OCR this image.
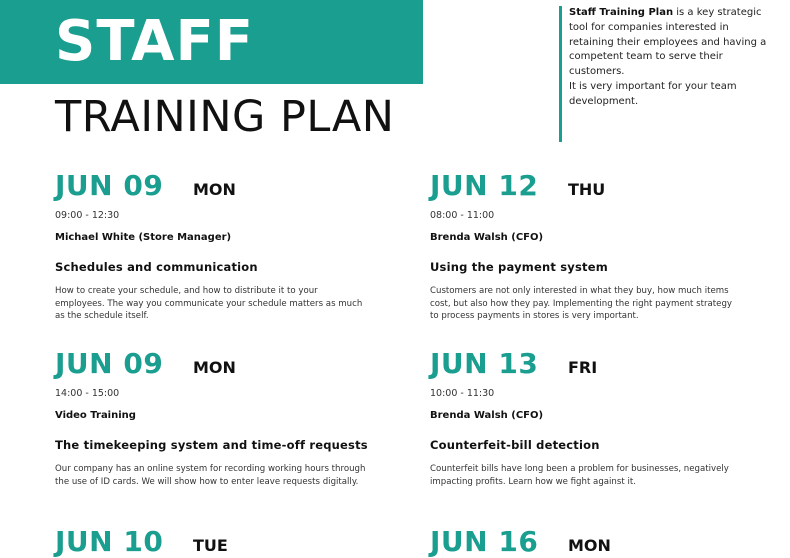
STAFF
TRAINING PLAN
Staff Training Plan is a key strategic tool for companies interested in retaining their employees and having a competent team to serve their customers.
It is very important for your team development.
JUN 09	MON
09:00 - 12:30
Michael White (Store Manager)
Schedules and communication
How to create your schedule, and how to distribute it to your employees. The way you communicate your schedule matters as much as the schedule itself.
JUN 12	THU
08:00 - 11:00
Brenda Walsh (CFO)
Using the payment system
Customers are not only interested in what they buy, how much items cost, but also how they pay. Implementing the right payment strategy to process payments in stores is very important.
JUN 09	MON
14:00 - 15:00
Video Training
The timekeeping system and time-off requests
Our company has an online system for recording working hours through the use of ID cards. We will show how to enter leave requests digitally.
JUN 13	FRI
10:00 - 11:30
Brenda Walsh (CFO)
Counterfeit-bill detection
Counterfeit bills have long been a problem for businesses, negatively impacting profits. Learn how we fight against it.
JUN 10	TUE	JUN 16	MON
